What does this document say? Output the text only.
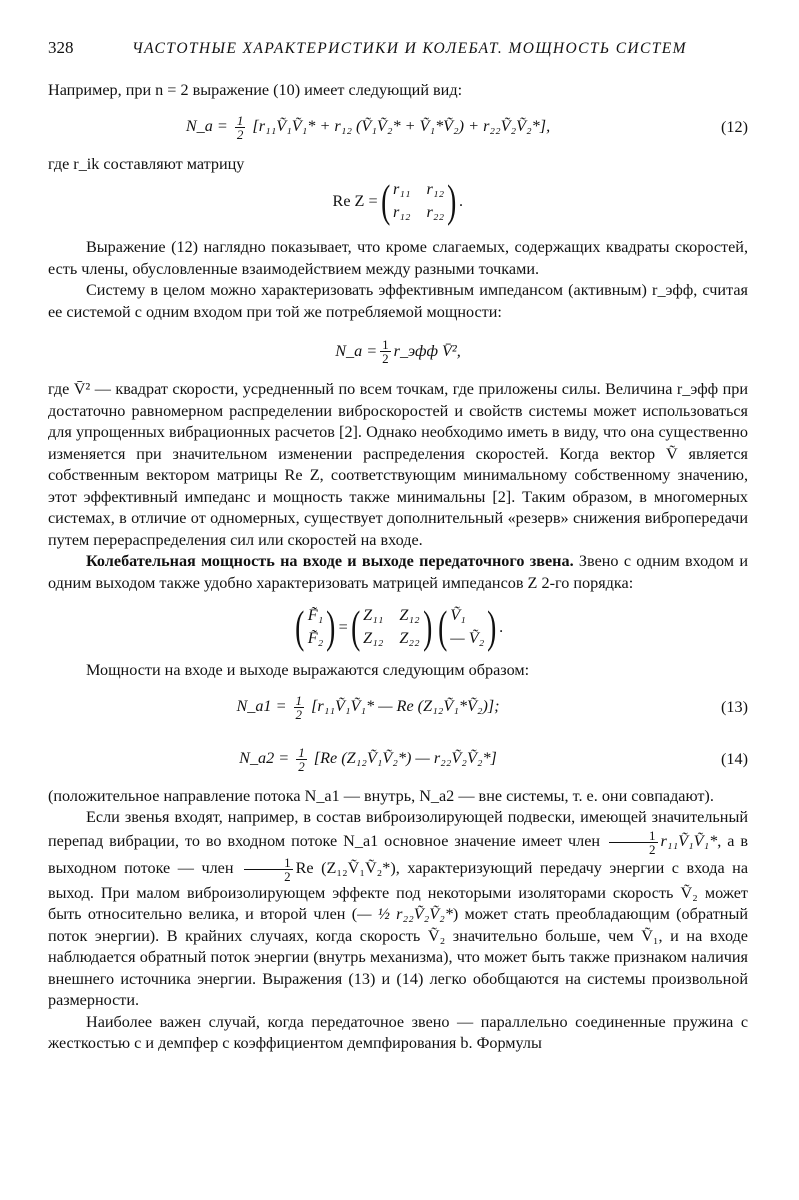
328	ЧАСТОТНЫЕ ХАРАКТЕРИСТИКИ И КОЛЕБАТ. МОЩНОСТЬ СИСТЕМ

Например, при n = 2 выражение (10) имеет следующий вид:

N_a = $\frac{1}{2}$ [r₁₁Ṽ₁Ṽ₁* + r₁₂ (Ṽ₁Ṽ₂* + Ṽ₁*Ṽ₂) + r₂₂Ṽ₂Ṽ₂*],	(12)

где r_ik составляют матрицу

Re Z = ( r₁₁ r₁₂
r₁₂ r₂₂ ) .

Выражение (12) наглядно показывает, что кроме слагаемых, содержащих квадраты скоростей, есть члены, обусловленные взаимодействием между разными точками.

Систему в целом можно характеризовать эффективным импедансом (активным) r_эфф, считая ее системой с одним входом при той же потребляемой мощности:

N_a = $\frac{1}{2}$ r_эфф V̄²,

где V̄² — квадрат скорости, усредненный по всем точкам, где приложены силы. Величина r_эфф при достаточно равномерном распределении виброскоростей и свойств системы может использоваться для упрощенных вибрационных расчетов [2]. Однако необходимо иметь в виду, что она существенно изменяется при значительном изменении распределения скоростей. Когда вектор Ṽ является собственным вектором матрицы Re Z, соответствующим минимальному собственному значению, этот эффективный импеданс и мощность также минимальны [2]. Таким образом, в многомерных системах, в отличие от одномерных, существует дополнительный «резерв» снижения вибропередачи путем перераспределения сил или скоростей на входе.

Колебательная мощность на входе и выходе передаточного звена. Звено с одним входом и одним выходом также удобно характеризовать матрицей импедансов Z 2-го порядка:

( F̃₁
F̃₂ ) = ( Z₁₁ Z₁₂
Z₁₂ Z₂₂ ) ( Ṽ₁
— Ṽ₂ ) .

Мощности на входе и выходе выражаются следующим образом:

N_a1 = $\frac{1}{2}$ [r₁₁Ṽ₁Ṽ₁* — Re (Z₁₂Ṽ₁*Ṽ₂)];	(13)
N_a2 = $\frac{1}{2} [Re$ (Z₁₂Ṽ₁Ṽ₂*) — r₂₂Ṽ₂Ṽ₂*]	(14)

(положительное направление потока N_a1 — внутрь, N_a2 — вне системы, т. е. они совпадают).

Если звенья входят, например, в состав виброизолирующей подвески, имеющей значительный перепад вибрации, то во входном потоке N_a1 основное значение имеет член $\frac{1}{2}$ r₁₁Ṽ₁Ṽ₁*, а в выходном потоке — член $\frac{1}{2}$ Re (Z₁₂Ṽ₁Ṽ₂*), характеризующий передачу энергии с входа на выход. При малом виброизолирующем эффекте под некоторыми изоляторами скорость Ṽ₂ может быть относительно велика, и второй член (— ½ r₂₂Ṽ₂Ṽ₂*) может стать преобладающим (обратный поток энергии). В крайних случаях, когда скорость Ṽ₂ значительно больше, чем Ṽ₁, и на входе наблюдается обратный поток энергии (внутрь механизма), что может быть также признаком наличия внешнего источника энергии. Выражения (13) и (14) легко обобщаются на системы произвольной размерности.

Наиболее важен случай, когда передаточное звено — параллельно соединенные пружина с жесткостью c и демпфер с коэффициентом демпфирования b. Формулы
